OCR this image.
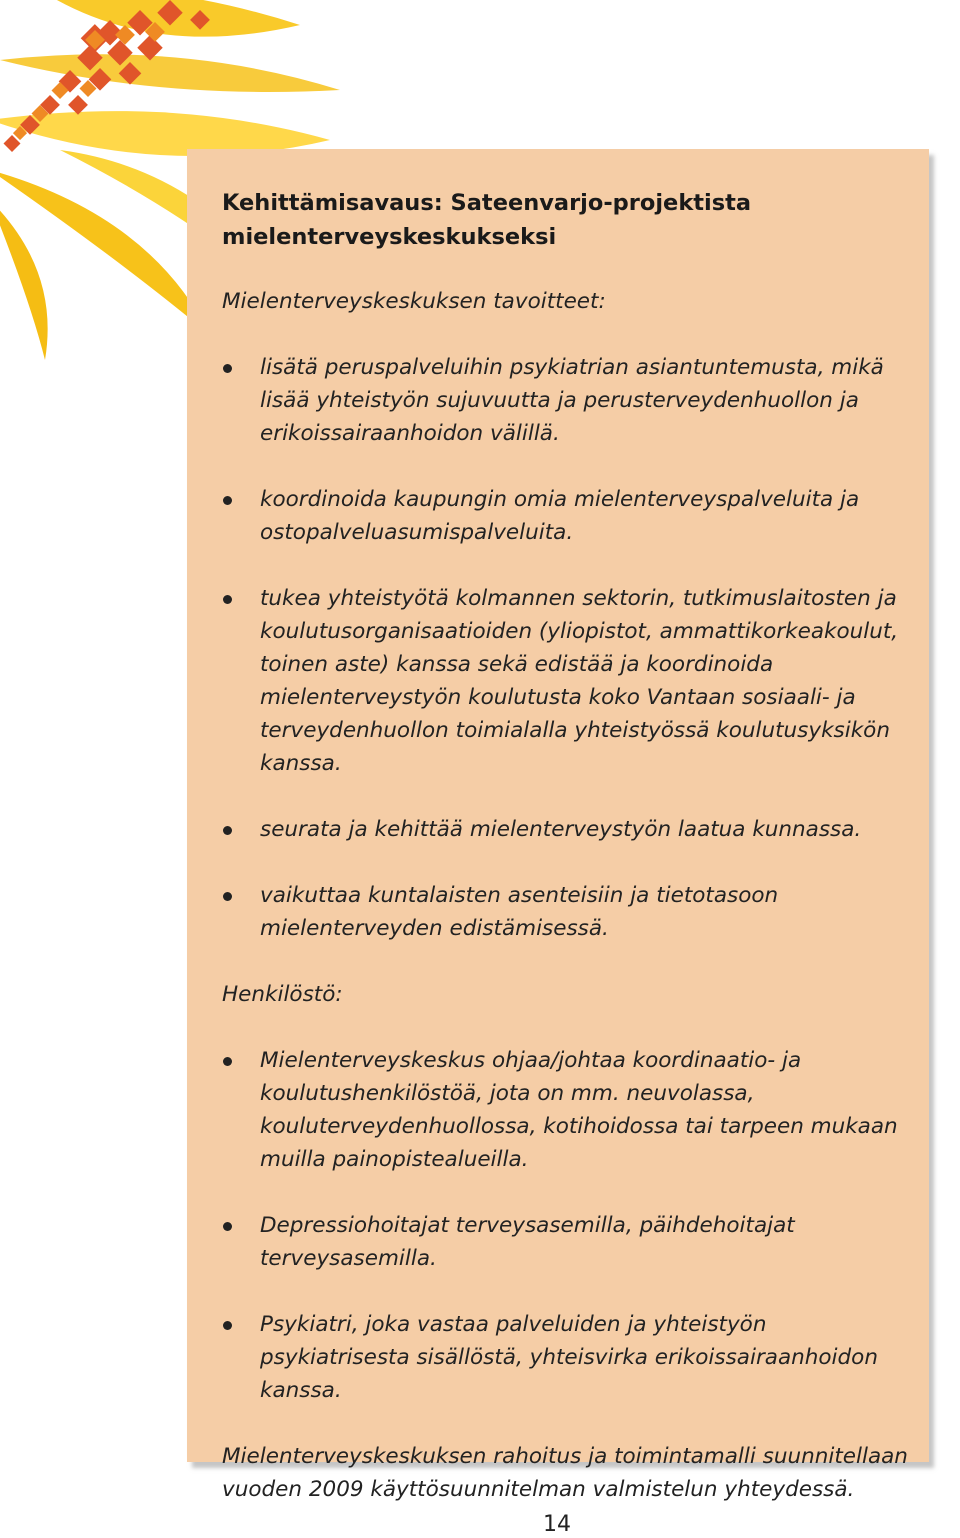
Kehittämisavaus: Sateenvarjo-projektista mielenterveyskeskukseksi

Mielenterveyskeskuksen tavoitteet:

lisätä peruspalveluihin psykiatrian asiantuntemusta, mikä lisää yhteistyön sujuvuutta ja perusterveydenhuollon ja erikoissairaanhoidon välillä.
koordinoida kaupungin omia mielenterveyspalveluita ja ostopalveluasumispalveluita.
tukea yhteistyötä kolmannen sektorin, tutkimuslaitosten ja koulutusorganisaatioiden (yliopistot, ammattikorkeakoulut, toinen aste) kanssa sekä edistää ja koordinoida mielenterveystyön koulutusta koko Vantaan sosiaali- ja terveydenhuollon toimialalla yhteistyössä koulutusyksikön kanssa.
seurata ja kehittää mielenterveystyön laatua kunnassa.
vaikuttaa kuntalaisten asenteisiin ja tietotasoon mielenterveyden edistämisessä.

Henkilöstö:

Mielenterveyskeskus ohjaa/johtaa koordinaatio- ja koulutushenkilöstöä, jota on mm. neuvolassa, kouluterveydenhuollossa, kotihoidossa tai tarpeen mukaan muilla painopistealueilla.
Depressiohoitajat terveysasemilla, päihdehoitajat terveysasemilla.
Psykiatri, joka vastaa palveluiden ja yhteistyön psykiatrisesta sisällöstä, yhteisvirka erikoissairaanhoidon kanssa.

Mielenterveyskeskuksen rahoitus ja toimintamalli suunnitellaan vuoden 2009 käyttösuunnitelman valmistelun yhteydessä.

14
